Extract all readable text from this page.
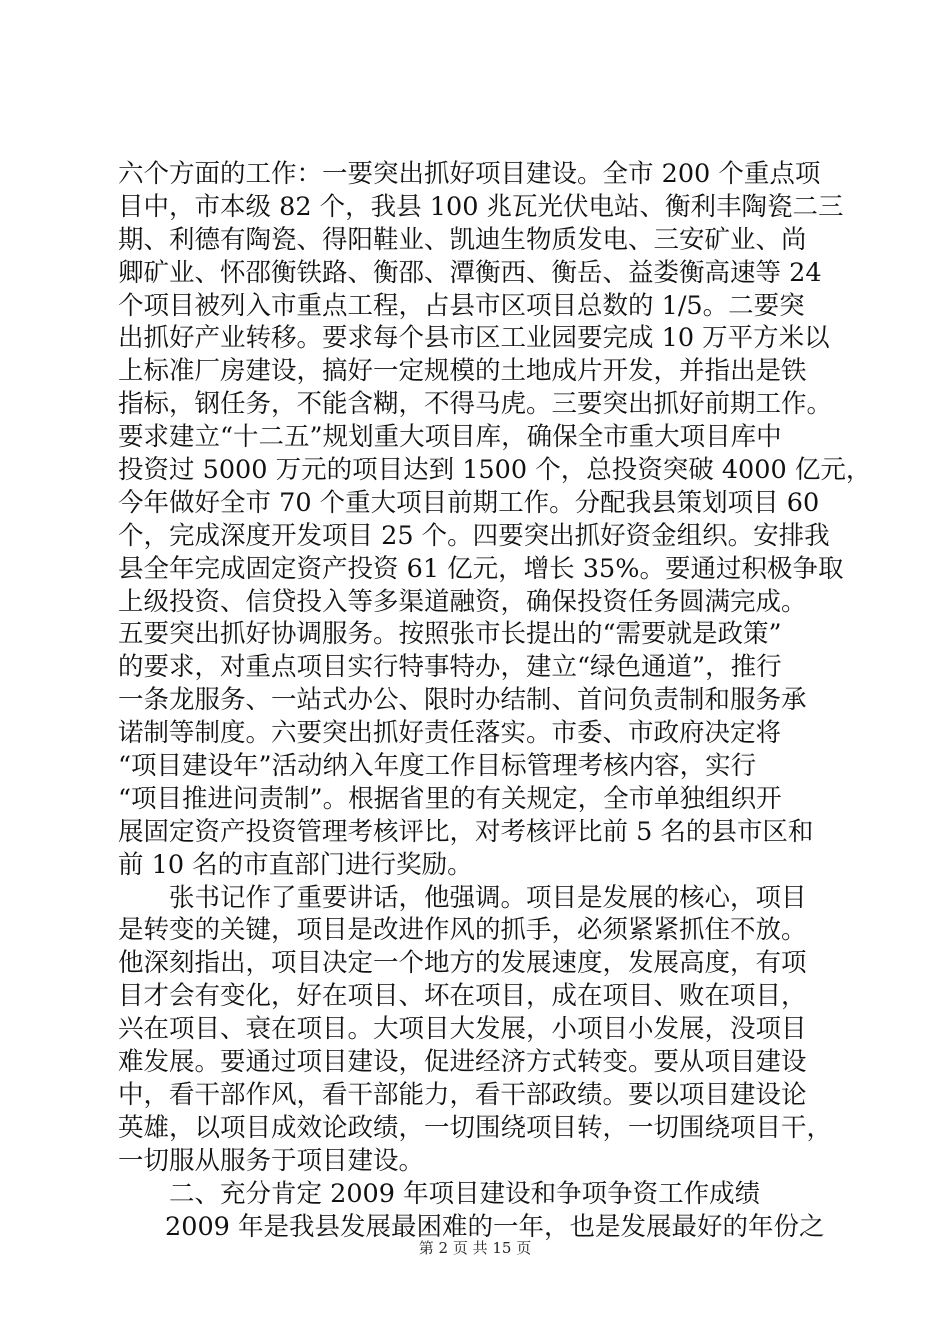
六个方面的工作：一要突出抓好项目建设。全市 200 个重点项
目中，市本级 82 个，我县 100 兆瓦光伏电站、衡利丰陶瓷二三
期、利德有陶瓷、得阳鞋业、凯迪生物质发电、三安矿业、尚
卿矿业、怀邵衡铁路、衡邵、潭衡西、衡岳、益娄衡高速等 24
个项目被列入市重点工程，占县市区项目总数的 1/5。二要突
出抓好产业转移。要求每个县市区工业园要完成 10 万平方米以
上标准厂房建设，搞好一定规模的土地成片开发，并指出是铁
指标，钢任务，不能含糊，不得马虎。三要突出抓好前期工作。
要求建立“十二五”规划重大项目库，确保全市重大项目库中
投资过 5000 万元的项目达到 1500 个，总投资突破 4000 亿元，
今年做好全市 70 个重大项目前期工作。分配我县策划项目 60
个，完成深度开发项目 25 个。四要突出抓好资金组织。安排我
县全年完成固定资产投资 61 亿元，增长 35%。要通过积极争取
上级投资、信贷投入等多渠道融资，确保投资任务圆满完成。
五要突出抓好协调服务。按照张市长提出的“需要就是政策”
的要求，对重点项目实行特事特办，建立“绿色通道”，推行
一条龙服务、一站式办公、限时办结制、首问负责制和服务承
诺制等制度。六要突出抓好责任落实。市委、市政府决定将
“项目建设年”活动纳入年度工作目标管理考核内容，实行
“项目推进问责制”。根据省里的有关规定，全市单独组织开
展固定资产投资管理考核评比，对考核评比前 5 名的县市区和
前 10 名的市直部门进行奖励。
张书记作了重要讲话，他强调。项目是发展的核心，项目
是转变的关键，项目是改进作风的抓手，必须紧紧抓住不放。
他深刻指出，项目决定一个地方的发展速度，发展高度，有项
目才会有变化，好在项目、坏在项目，成在项目、败在项目，
兴在项目、衰在项目。大项目大发展，小项目小发展，没项目
难发展。要通过项目建设，促进经济方式转变。要从项目建设
中，看干部作风，看干部能力，看干部政绩。要以项目建设论
英雄，以项目成效论政绩，一切围绕项目转，一切围绕项目干，
一切服从服务于项目建设。
二、充分肯定 2009 年项目建设和争项争资工作成绩
2009 年是我县发展最困难的一年，也是发展最好的年份之
第 2 页 共 15 页
